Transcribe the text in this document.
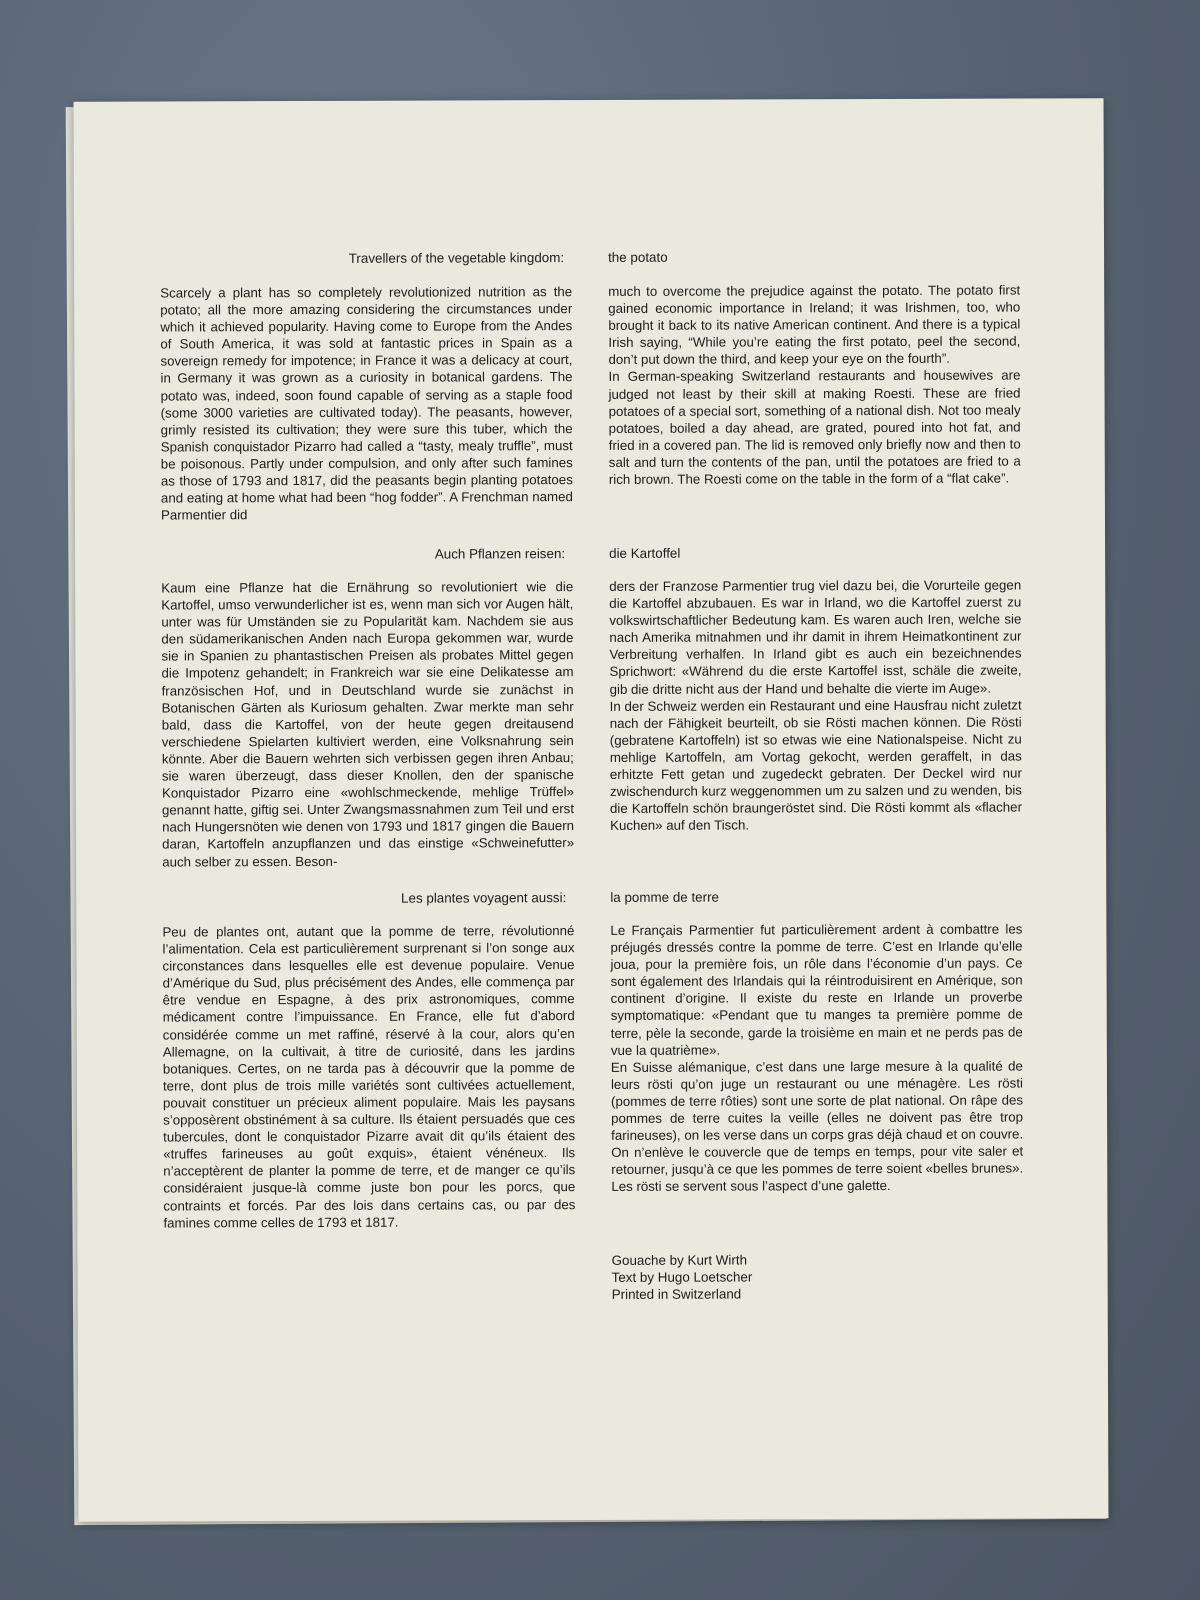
Travellers of the vegetable kingdom:	the potato

Scarcely a plant has so completely revolutionized nutrition as the potato; all the more amazing considering the circumstances under which it achieved popularity. Having come to Europe from the Andes of South America, it was sold at fantastic prices in Spain as a sovereign remedy for impotence; in France it was a delicacy at court, in Germany it was grown as a curiosity in botanical gardens. The potato was, indeed, soon found capable of serving as a staple food (some 3000 varieties are cultivated today). The peasants, however, grimly resisted its cultivation; they were sure this tuber, which the Spanish conquistador Pizarro had called a “tasty, mealy truffle”, must be poisonous. Partly under compulsion, and only after such famines as those of 1793 and 1817, did the peasants begin planting potatoes and eating at home what had been “hog fodder”. A Frenchman named Parmentier did

much to overcome the prejudice against the potato. The potato first gained economic importance in Ireland; it was Irishmen, too, who brought it back to its native American continent. And there is a typical Irish saying, “While you’re eating the first potato, peel the second, don’t put down the third, and keep your eye on the fourth”.

In German-speaking Switzerland restaurants and housewives are judged not least by their skill at making Roesti. These are fried potatoes of a special sort, something of a national dish. Not too mealy potatoes, boiled a day ahead, are grated, poured into hot fat, and fried in a covered pan. The lid is removed only briefly now and then to salt and turn the contents of the pan, until the potatoes are fried to a rich brown. The Roesti come on the table in the form of a “flat cake”.

Auch Pflanzen reisen:	die Kartoffel

Kaum eine Pflanze hat die Ernährung so revolutioniert wie die Kartoffel, umso verwunderlicher ist es, wenn man sich vor Augen hält, unter was für Umständen sie zu Popularität kam. Nachdem sie aus den südamerikanischen Anden nach Europa gekommen war, wurde sie in Spanien zu phantastischen Preisen als probates Mittel gegen die Impotenz gehandelt; in Frankreich war sie eine Delikatesse am französischen Hof, und in Deutschland wurde sie zunächst in Botanischen Gärten als Kuriosum gehalten. Zwar merkte man sehr bald, dass die Kartoffel, von der heute gegen dreitausend verschiedene Spielarten kultiviert werden, eine Volksnahrung sein könnte. Aber die Bauern wehrten sich verbissen gegen ihren Anbau; sie waren überzeugt, dass dieser Knollen, den der spanische Konquistador Pizarro eine «wohlschmeckende, mehlige Trüffel» genannt hatte, giftig sei. Unter Zwangsmassnahmen zum Teil und erst nach Hungersnöten wie denen von 1793 und 1817 gingen die Bauern daran, Kartoffeln anzupflanzen und das einstige «Schweinefutter» auch selber zu essen. Beson-

ders der Franzose Parmentier trug viel dazu bei, die Vorurteile gegen die Kartoffel abzubauen. Es war in Irland, wo die Kartoffel zuerst zu volkswirtschaftlicher Bedeutung kam. Es waren auch Iren, welche sie nach Amerika mitnahmen und ihr damit in ihrem Heimatkontinent zur Verbreitung verhalfen. In Irland gibt es auch ein bezeichnendes Sprichwort: «Während du die erste Kartoffel isst, schäle die zweite, gib die dritte nicht aus der Hand und behalte die vierte im Auge».

In der Schweiz werden ein Restaurant und eine Hausfrau nicht zuletzt nach der Fähigkeit beurteilt, ob sie Rösti machen können. Die Rösti (gebratene Kartoffeln) ist so etwas wie eine Nationalspeise. Nicht zu mehlige Kartoffeln, am Vortag gekocht, werden geraffelt, in das erhitzte Fett getan und zugedeckt gebraten. Der Deckel wird nur zwischendurch kurz weggenommen um zu salzen und zu wenden, bis die Kartoffeln schön braungeröstet sind. Die Rösti kommt als «flacher Kuchen» auf den Tisch.

Les plantes voyagent aussi:	la pomme de terre

Peu de plantes ont, autant que la pomme de terre, révolutionné l’alimentation. Cela est particulièrement surprenant si l’on songe aux circonstances dans lesquelles elle est devenue populaire. Venue d’Amérique du Sud, plus précisément des Andes, elle commença par être vendue en Espagne, à des prix astronomiques, comme médicament contre l’impuissance. En France, elle fut d’abord considérée comme un met raffiné, réservé à la cour, alors qu’en Allemagne, on la cultivait, à titre de curiosité, dans les jardins botaniques. Certes, on ne tarda pas à découvrir que la pomme de terre, dont plus de trois mille variétés sont cultivées actuellement, pouvait constituer un précieux aliment populaire. Mais les paysans s’opposèrent obstinément à sa culture. Ils étaient persuadés que ces tubercules, dont le conquistador Pizarre avait dit qu’ils étaient des «truffes farineuses au goût exquis», étaient vénéneux. Ils n’acceptèrent de planter la pomme de terre, et de manger ce qu’ils considéraient jusque-là comme juste bon pour les porcs, que contraints et forcés. Par des lois dans certains cas, ou par des famines comme celles de 1793 et 1817.

Le Français Parmentier fut particulièrement ardent à combattre les préjugés dressés contre la pomme de terre. C’est en Irlande qu’elle joua, pour la première fois, un rôle dans l’économie d’un pays. Ce sont également des Irlandais qui la réintroduisirent en Amérique, son continent d’origine. Il existe du reste en Irlande un proverbe symptomatique: «Pendant que tu manges ta première pomme de terre, pèle la seconde, garde la troisième en main et ne perds pas de vue la quatrième».

En Suisse alémanique, c’est dans une large mesure à la qualité de leurs rösti qu’on juge un restaurant ou une ménagère. Les rösti (pommes de terre rôties) sont une sorte de plat national. On râpe des pommes de terre cuites la veille (elles ne doivent pas être trop farineuses), on les verse dans un corps gras déjà chaud et on couvre. On n’enlève le couvercle que de temps en temps, pour vite saler et retourner, jusqu’à ce que les pommes de terre soient «belles brunes». Les rösti se servent sous l’aspect d’une galette.

Gouache by Kurt Wirth
Text by Hugo Loetscher
Printed in Switzerland
